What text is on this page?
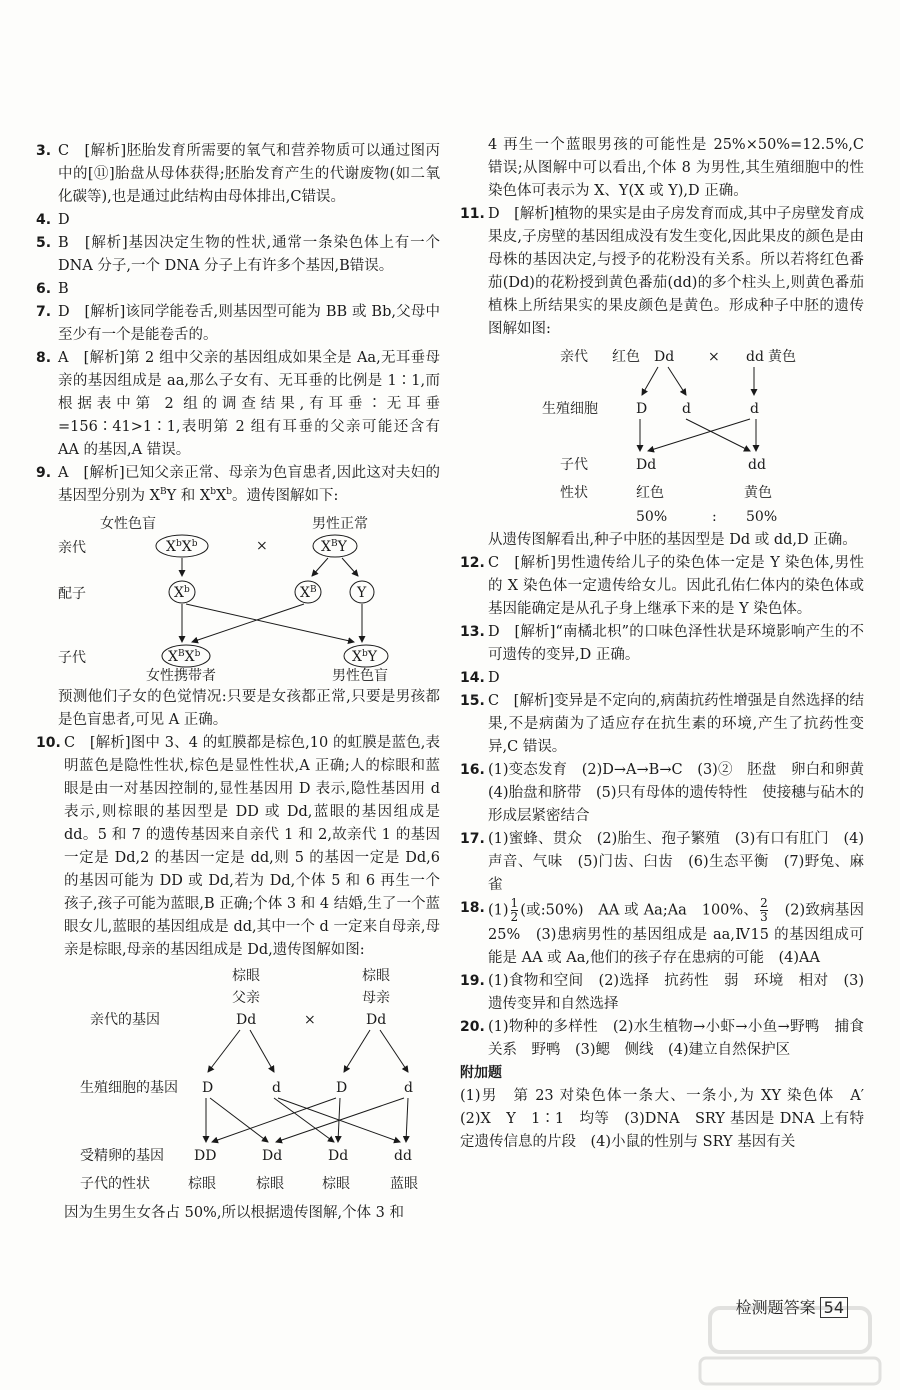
3. C　[解析]胚胎发育所需要的氧气和营养物质可以通过图丙中的[⑪]胎盘从母体获得;胚胎发育产生的代谢废物(如二氧化碳等),也是通过此结构由母体排出,C错误。
4. D
5. B　[解析]基因决定生物的性状,通常一条染色体上有一个 DNA 分子,一个 DNA 分子上有许多个基因,B错误。
6. B
7. D　[解析]该同学能卷舌,则基因型可能为 BB 或 Bb,父母中至少有一个是能卷舌的。
8. A　[解析]第 2 组中父亲的基因组成如果全是 Aa,无耳垂母亲的基因组成是 aa,那么子女有、无耳垂的比例是 1∶1,而根据表中第 2 组的调查结果,有耳垂∶无耳垂=156∶41>1∶1,表明第 2 组有耳垂的父亲可能还含有 AA 的基因,A 错误。
9. A　[解析]已知父亲正常、母亲为色盲患者,因此这对夫妇的基因型分别为 $X^BY$ 和 $X^bX^b$。遗传图解如下:
女性色盲	男性正常
亲代	$X^bX^b$	×	$X^BY$
配子	$X^b$	$X^B$	Y
子代	$X^BX^b$	$X^bY$
女性携带者	男性色盲
预测他们子女的色觉情况:只要是女孩都正常,只要是男孩都是色盲患者,可见 A 正确。
10. C　[解析]图中 3、4 的虹膜都是棕色,10 的虹膜是蓝色,表明蓝色是隐性性状,棕色是显性性状,A 正确;人的棕眼和蓝眼是由一对基因控制的,显性基因用 D 表示,隐性基因用 d 表示,则棕眼的基因型是 DD 或 Dd,蓝眼的基因组成是 dd。5 和 7 的遗传基因来自亲代 1 和 2,故亲代 1 的基因一定是 Dd,2 的基因一定是 dd,则 5 的基因一定是 Dd,6 的基因可能为 DD 或 Dd,若为 Dd,个体 5 和 6 再生一个孩子,孩子可能为蓝眼,B 正确;个体 3 和 4 结婚,生了一个蓝眼女儿,蓝眼的基因组成是 dd,其中一个 d 一定来自母亲,母亲是棕眼,母亲的基因组成是 Dd,遗传图解如图:
棕眼
父亲
棕眼
母亲
亲代的基因	Dd	×	Dd
生殖细胞的基因 D	d	D	d
受精卵的基因 DD	Dd	Dd	dd
子代的性状	棕眼	棕眼	棕眼	蓝眼
因为生男生女各占 50%,所以根据遗传图解,个体 3 和
4 再生一个蓝眼男孩的可能性是 25%×50%=12.5%,C 错误;从图解中可以看出,个体 8 为男性,其生殖细胞中的性染色体可表示为 X、Y(X 或 Y),D 正确。
11. D　[解析]植物的果实是由子房发育而成,其中子房壁发育成果皮,子房壁的基因组成没有发生变化,因此果皮的颜色是由母株的基因决定,与授予的花粉没有关系。所以若将红色番茄(Dd)的花粉授到黄色番茄(dd)的多个柱头上,则黄色番茄植株上所结果实的果皮颜色是黄色。形成种子中胚的遗传图解如图:
亲代 红色 Dd × dd 黄色
生殖细胞	D d	d
子代	Dd	dd
性状	红色	黄色
50%	: 50%
从遗传图解看出,种子中胚的基因型是 Dd 或 dd,D 正确。
12. C　[解析]男性遗传给儿子的染色体一定是 Y 染色体,男性的 X 染色体一定遗传给女儿。因此孔佑仁体内的染色体或基因能确定是从孔子身上继承下来的是 Y 染色体。
13. D　[解析]“南橘北枳”的口味色泽性状是环境影响产生的不可遗传的变异,D 正确。
14. D
15. C　[解析]变异是不定向的,病菌抗药性增强是自然选择的结果,不是病菌为了适应存在抗生素的环境,产生了抗药性变异,C 错误。
16. (1)变态发育　(2)D→A→B→C　(3)②　胚盘　卵白和卵黄　(4)胎盘和脐带　(5)只有母体的遗传特性　使接穗与砧木的形成层紧密结合
17. (1)蜜蜂、贯众　(2)胎生、孢子繁殖　(3)有口有肛门　(4)声音、气味　(5)门齿、臼齿　(6)生态平衡　(7)野兔、麻雀
18. $(1) \frac{1}{2}$ (或:50%)　AA 或 Aa;Aa　100%、 $\frac{2}{3}$ 　(2)致病基因　25%　(3)患病男性的基因组成是 aa,Ⅳ15 的基因组成可能是 AA 或 Aa,他们的孩子存在患病的可能　(4)AA
19. (1)食物和空间　(2)选择　抗药性　弱　环境　相对　(3)遗传变异和自然选择
20. (1)物种的多样性　(2)水生植物→小虾→小鱼→野鸭　捕食关系　野鸭　(3)鳃　侧线　(4)建立自然保护区
附加题
(1)男　第 23 对染色体一条大、一条小,为 XY 染色体　A′　(2)X　Y　1∶1　均等　(3)DNA　SRY 基因是 DNA 上有特定遗传信息的片段　(4)小鼠的性别与 SRY 基因有关
检测题答案 54
